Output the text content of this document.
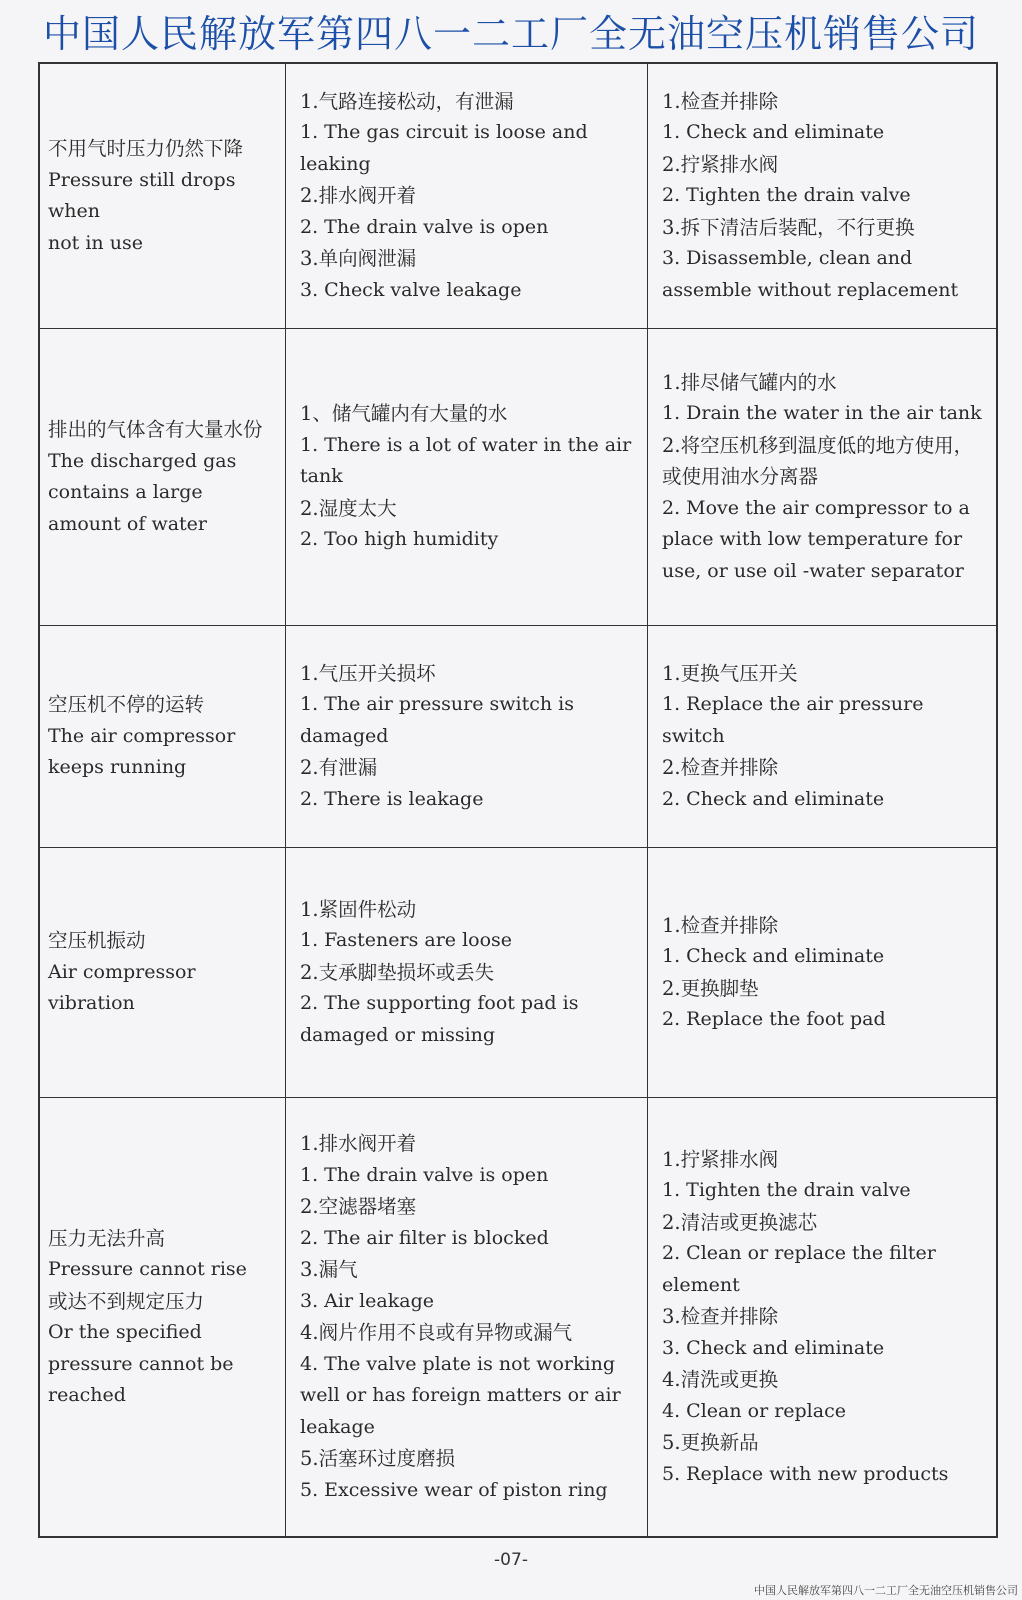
中国人民解放军第四八一二工厂全无油空压机销售公司
不用气时压力仍然下降
Pressure still drops when
not in use
1.气路连接松动，有泄漏
1. The gas circuit is loose and leaking
2.排水阀开着
2. The drain valve is open
3.单向阀泄漏
3. Check valve leakage
1.检查并排除
1. Check and eliminate
2.拧紧排水阀
2. Tighten the drain valve
3.拆下清洁后装配，不行更换
3. Disassemble, clean and assemble without replacement
排出的气体含有大量水份
The discharged gas contains a large amount of water
1、储气罐内有大量的水
1. There is a lot of water in the air tank
2.湿度太大
2. Too high humidity
1.排尽储气罐内的水
1. Drain the water in the air tank
2.将空压机移到温度低的地方使用，或使用油水分离器
2. Move the air compressor to a place with low temperature for use, or use oil -water separator
空压机不停的运转
The air compressor keeps running
1.气压开关损坏
1. The air pressure switch is damaged
2.有泄漏
2. There is leakage
1.更换气压开关
1. Replace the air pressure switch
2.检查并排除
2. Check and eliminate
空压机振动
Air compressor vibration
1.紧固件松动
1. Fasteners are loose
2.支承脚垫损坏或丢失
2. The supporting foot pad is damaged or missing
1.检查并排除
1. Check and eliminate
2.更换脚垫
2. Replace the foot pad
压力无法升高
Pressure cannot rise
或达不到规定压力
Or the specified pressure cannot be reached
1.排水阀开着
1. The drain valve is open
2.空滤器堵塞
2. The air filter is blocked
3.漏气
3. Air leakage
4.阀片作用不良或有异物或漏气
4. The valve plate is not working well or has foreign matters or air leakage
5.活塞环过度磨损
5. Excessive wear of piston ring
1.拧紧排水阀
1. Tighten the drain valve
2.清洁或更换滤芯
2. Clean or replace the filter element
3.检查并排除
3. Check and eliminate
4.清洗或更换
4. Clean or replace
5.更换新品
5. Replace with new products
-07-
中国人民解放军第四八一二工厂全无油空压机销售公司
